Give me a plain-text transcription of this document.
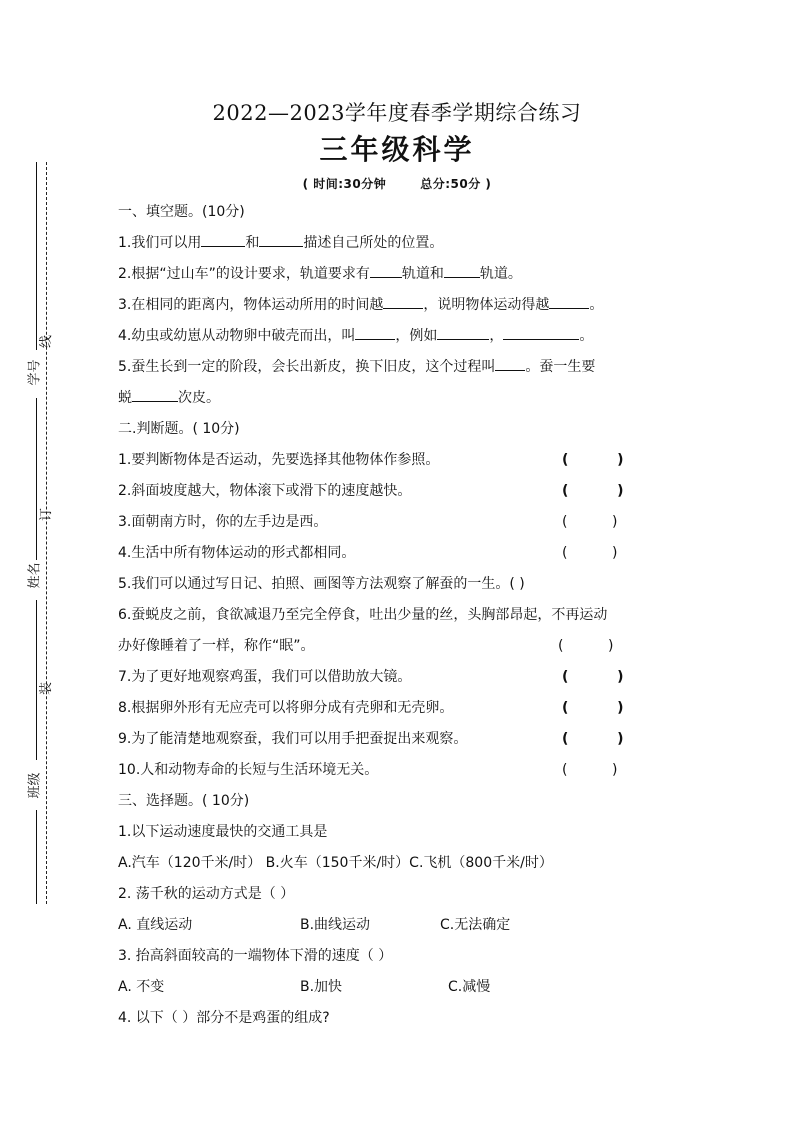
学号
姓名
班级
线
订
装
2022—2023学年度春季学期综合练习
三年级科学
( 时间:30分钟	总分:50分 )
一、填空题。(10分)
1.我们可以用	和	描述自己所处的位置。
2.根据“过山车”的设计要求，轨道要求有 轨道和	轨道。
3.在相同的距离内，物体运动所用的时间越	，说明物体运动得越	。
4.幼虫或幼崽从动物卵中破壳而出，叫	，例如	，	。
5.蚕生长到一定的阶段，会长出新皮，换下旧皮，这个过程叫 。蚕一生要
蜕	次皮。
二.判断题。( 10分)
1.要判断物体是否运动，先要选择其他物体作参照。	(          )
2.斜面坡度越大，物体滚下或滑下的速度越快。	(          )
3.面朝南方时，你的左手边是西。	(          )
4.生活中所有物体运动的形式都相同。	(          )
5.我们可以通过写日记、拍照、画图等方法观察了解蚕的一生。( )
6.蚕蜕皮之前，食欲减退乃至完全停食，吐出少量的丝，头胸部昂起，不再运动
办好像睡着了一样，称作“眠”。	(          )
7.为了更好地观察鸡蛋，我们可以借助放大镜。	(          )
8.根据卵外形有无应壳可以将卵分成有壳卵和无壳卵。	(          )
9.为了能清楚地观察蚕，我们可以用手把蚕捉出来观察。	(          )
10.人和动物寿命的长短与生活环境无关。	(          )
三、选择题。( 10分)
1.以下运动速度最快的交通工具是
A.汽车（120千米/时） B.火车（150千米/时）C.飞机（800千米/时）
2. 荡千秋的运动方式是（ ）
A. 直线运动	B.曲线运动	C.无法确定
3. 抬高斜面较高的一端物体下滑的速度（ ）
A. 不变	B.加快	C.减慢
4. 以下（ ）部分不是鸡蛋的组成?
